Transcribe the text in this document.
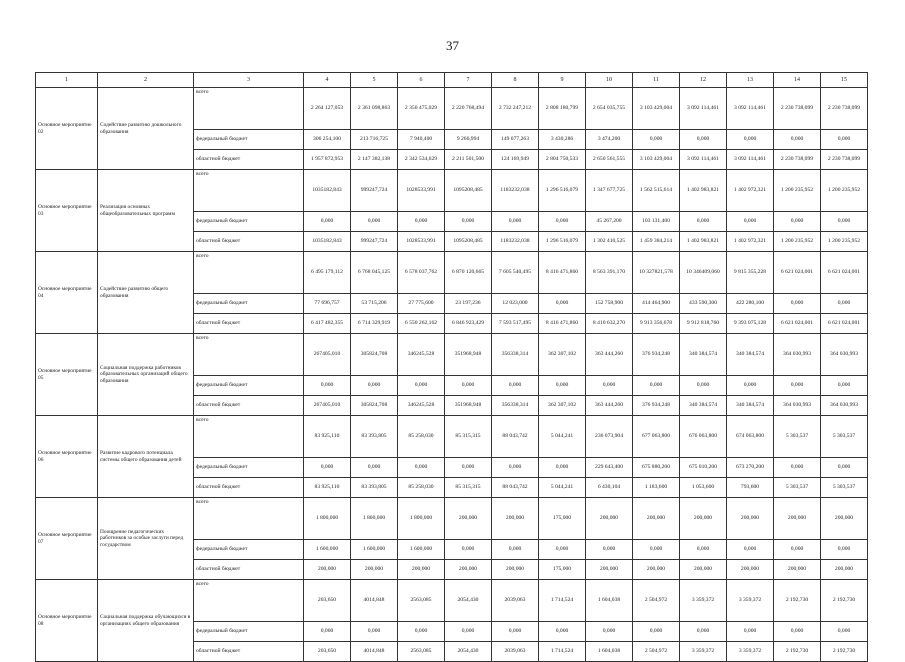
37
1	2	3	4	5	6	7	8	9	10	11	12	13	14	15
Основное мероприятие 02	Содействие развитию дошкольного образования	всего	2 264 127,053	2 361 098,863	2 350 475,029	2 220 768,494	2 732 247,212	2 808 180,799	2 654 035,755	3 103 429,004	3 092 114,461	3 092 114,461	2 230 738,099	2 230 738,099
		федеральный бюджет	306 254,100	213 716,725	7 940,400	9 266,994	149 077,263	3 430,286	3 474,200	0,000	0,000	0,000	0,000	0,000
		областной бюджет	1 957 872,953	2 147 382,138	2 342 534,629	2 211 501,500	124 169,949	2 804 750,533	2 650 561,555	3 103 429,004	3 092 114,461	3 092 114,461	2 230 738,099	2 230 738,099
Основное мероприятие 03	Реализация основных общеобразовательных программ	всего	1035182,843	999247,724	1028533,991	1095208,485	1183232,038	1 296 516,079	1 347 677,725	1 562 515,614	1 402 983,821	1 402 972,321	1 200 235,952	1 200 235,952
		федеральный бюджет	0,000	0,000	0,000	0,000	0,000	0,000	45 267,200	103 131,400	0,000	0,000	0,000	0,000
		областной бюджет	1035182,843	999247,724	1028533,991	1095208,485	1183232,038	1 296 516,079	1 302 410,525	1 459 384,214	1 402 983,821	1 402 972,321	1 200 235,952	1 200 235,952
Основное мероприятие 04	Содействие развитию общего образования	всего	6 495 179,112	6 768 045,125	6 578 037,762	6 870 120,665	7 605 540,495	8 416 471,860	8 563 391,170	10 327821,578	10 346409,060	9 815 355,228	6 621 024,001	6 621 024,001
		федеральный бюджет	77 696,757	53 715,206	27 775,600	23 197,236	12 023,000	0,000	152 758,900	414 464,900	433 590,300	422 280,100	0,000	0,000
		областной бюджет	6 417 482,355	6 714 329,919	6 550 262,162	6 846 923,429	7 593 517,495	8 416 471,860	8 410 632,270	9 913 356,678	9 912 818,760	9 393 075,128	6 621 024,001	6 621 024,001
Основное мероприятие 05	Социальная поддержка работников образовательных организаций общего образования	всего	267405,010	305824,708	346245,528	351968,948	356338,314	362 307,102	363 444,260	376 934,248	340 384,574	340 384,574	364 030,993	364 030,993
		федеральный бюджет	0,000	0,000	0,000	0,000	0,000	0,000	0,000	0,000	0,000	0,000	0,000	0,000
		областной бюджет	267405,010	305824,708	346245,528	351968,948	356338,314	362 307,102	363 444,260	376 934,248	340 384,574	340 384,574	364 030,993	364 030,993
Основное мероприятие 06	Развитие кадрового потенциала системы общего образования детей	всего	83 925,110	83 393,805	85 258,030	85 315,315	88 043,742	5 044,241	236 073,904	677 063,800	676 063,800	674 063,800	5 303,537	5 303,537
		федеральный бюджет	0,000	0,000	0,000	0,000	0,000	0,000	229 643,400	675 880,200	675 010,200	673 270,200	0,000	0,000
		областной бюджет	83 925,110	83 393,805	85 258,030	85 315,315	88 043,742	5 044,241	6 430,104	1 183,600	1 053,600	793,600	5 303,537	5 303,537
Основное мероприятие 07	Поощрение педагогических работников за особые заслуги перед государством	всего	1 800,000	1 800,000	1 800,000	200,000	200,000	175,000	200,000	200,000	200,000	200,000	200,000	200,000
		федеральный бюджет	1 600,000	1 600,000	1 600,000	0,000	0,000	0,000	0,000	0,000	0,000	0,000	0,000	0,000
		областной бюджет	200,000	200,000	200,000	200,000	200,000	175,000	200,000	200,000	200,000	200,000	200,000	200,000
Основное мероприятие 08	Социальная поддержка обучающихся в организациях общего образования	всего	203,650	4014,848	2563,085	2054,430	2039,063	1 714,524	1 604,038	2 504,972	3 359,372	3 359,372	2 192,730	2 192,730
		федеральный бюджет	0,000	0,000	0,000	0,000	0,000	0,000	0,000	0,000	0,000	0,000	0,000	0,000
		областной бюджет	203,650	4014,848	2563,085	2054,430	2039,063	1 714,524	1 604,038	2 504,972	3 359,372	3 359,372	2 192,730	2 192,730
